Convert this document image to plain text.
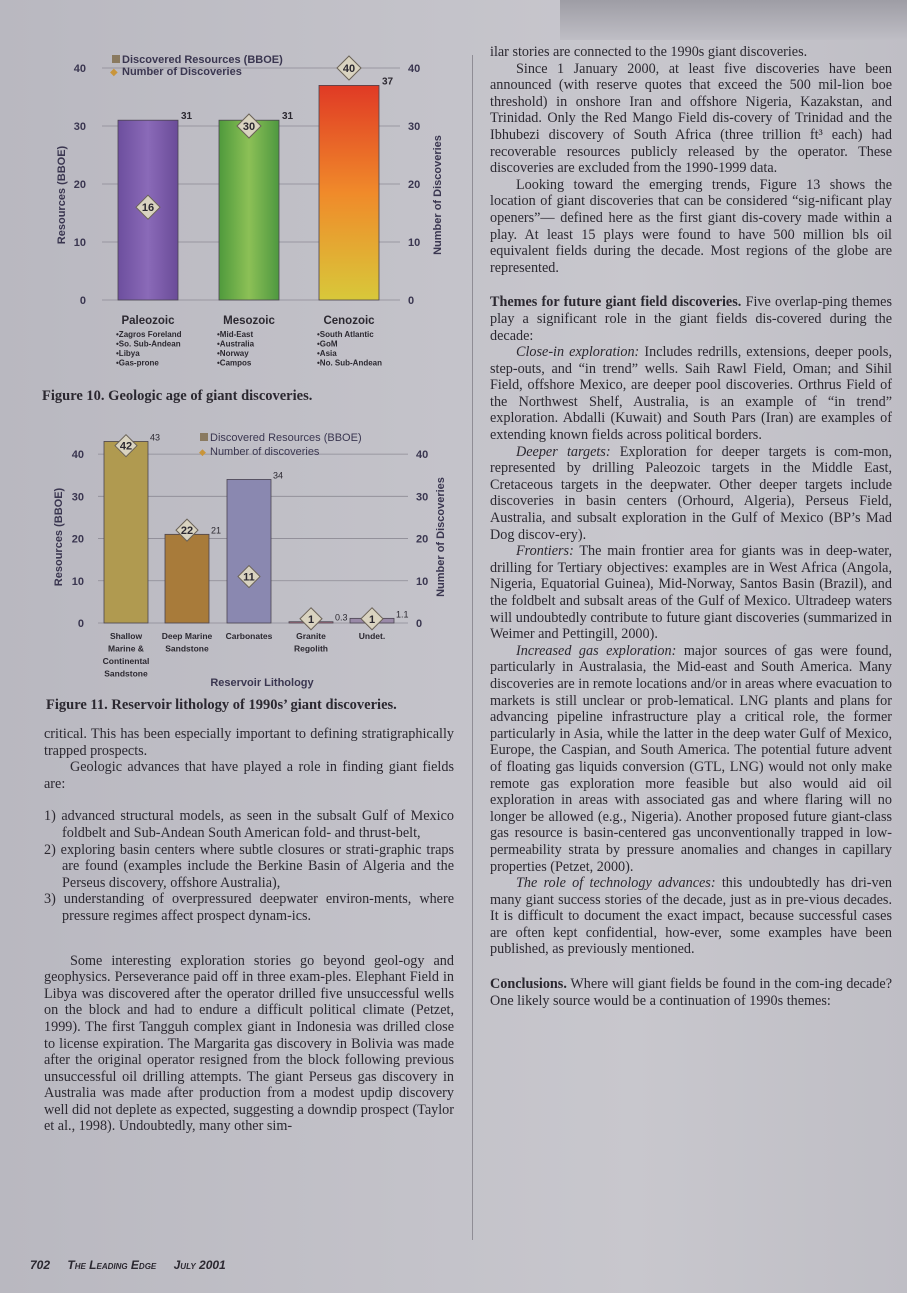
0	0
10	10
20	20
30	30
40	40
31
16
Paleozoic
•Zagros Foreland
•So. Sub-Andean
•Libya
•Gas-prone
31
30
Mesozoic
•Mid-East
•Australia
•Norway
•Campos
37
40
Cenozoic
•South Atlantic
•GoM
•Asia
•No. Sub-Andean
Resources (BBOE)	Number of Discoveries
Discovered Resources (BBOE)
◆ Number of Discoveries
Figure 10. Geologic age of giant discoveries.
0	0
10	10
20	20
30	30
40	40
43
42
Shallow
Marine &
Continental
Sandstone
21
22
Deep Marine
Sandstone
34
11
Carbonates
0.3
1
Granite
Regolith
1.1
1
Undet.
Resources (BBOE)	Number of Discoveries
Discovered Resources (BBOE)
◆ Number of discoveries
Reservoir Lithology
Figure 11. Reservoir lithology of 1990s’ giant discoveries.

critical. This has been especially important to defining stratigraphically trapped prospects.

Geologic advances that have played a role in finding giant fields are:

1) advanced structural models, as seen in the subsalt Gulf of Mexico foldbelt and Sub-Andean South American fold- and thrust-belt,
2) exploring basin centers where subtle closures or strati-graphic traps are found (examples include the Berkine Basin of Algeria and the Perseus discovery, offshore Australia),
3) understanding of overpressured deepwater environ-ments, where pressure regimes affect prospect dynam-ics.

Some interesting exploration stories go beyond geol-ogy and geophysics. Perseverance paid off in three exam-ples. Elephant Field in Libya was discovered after the operator drilled five unsuccessful wells on the block and had to endure a difficult political climate (Petzet, 1999). The first Tangguh complex giant in Indonesia was drilled close to license expiration. The Margarita gas discovery in Bolivia was made after the original operator resigned from the block following previous unsuccessful oil drilling attempts. The giant Perseus gas discovery in Australia was made after production from a modest updip discovery well did not deplete as expected, suggesting a downdip prospect (Taylor et al., 1998). Undoubtedly, many other sim-

ilar stories are connected to the 1990s giant discoveries.

Since 1 January 2000, at least five discoveries have been announced (with reserve quotes that exceed the 500 mil-lion boe threshold) in onshore Iran and offshore Nigeria, Kazakstan, and Trinidad. Only the Red Mango Field dis-covery of Trinidad and the Ibhubezi discovery of South Africa (three trillion ft³ each) had recoverable resources publicly released by the operator. These discoveries are excluded from the 1990-1999 data.

Looking toward the emerging trends, Figure 13 shows the location of giant discoveries that can be considered “sig-nificant play openers”— defined here as the first giant dis-covery made within a play. At least 15 plays were found to have 500 million bls oil equivalent fields during the decade. Most regions of the globe are represented.

Themes for future giant field discoveries. Five overlap-ping themes play a significant role in the giant fields dis-covered during the decade:

Close-in exploration: Includes redrills, extensions, deeper pools, step-outs, and “in trend” wells. Saih Rawl Field, Oman; and Sihil Field, offshore Mexico, are deeper pool discoveries. Orthrus Field of the Northwest Shelf, Australia, is an example of “in trend” exploration. Abdalli (Kuwait) and South Pars (Iran) are examples of extending known fields across political borders.

Deeper targets: Exploration for deeper targets is com-mon, represented by drilling Paleozoic targets in the Middle East, Cretaceous targets in the deepwater. Other deeper targets include discoveries in basin centers (Orhourd, Algeria), Perseus Field, Australia, and subsalt exploration in the Gulf of Mexico (BP’s Mad Dog discov-ery).

Frontiers: The main frontier area for giants was in deep-water, drilling for Tertiary objectives: examples are in West Africa (Angola, Nigeria, Equatorial Guinea), Mid-Norway, Santos Basin (Brazil), and the foldbelt and subsalt areas of the Gulf of Mexico. Ultradeep waters will undoubtedly contribute to future giant discoveries (summarized in Weimer and Pettingill, 2000).

Increased gas exploration: major sources of gas were found, particularly in Australasia, the Mid-east and South America. Many discoveries are in remote locations and/or in areas where evacuation to markets is still unclear or prob-lematical. LNG plants and plans for advancing pipeline infrastructure play a critical role, the former particularly in Asia, while the latter in the deep water Gulf of Mexico, Europe, the Caspian, and South America. The potential future advent of floating gas liquids conversion (GTL, LNG) would not only make remote gas exploration more feasible but also would aid oil exploration in areas with associated gas and where flaring will no longer be allowed (e.g., Nigeria). Another proposed future giant-class gas resource is basin-centered gas unconventionally trapped in low-permeability strata by pressure anomalies and changes in capillary properties (Petzet, 2000).

The role of technology advances: this undoubtedly has dri-ven many giant success stories of the decade, just as in pre-vious decades. It is difficult to document the exact impact, because successful cases are often kept confidential, how-ever, some examples have been published, as previously mentioned.

Conclusions. Where will giant fields be found in the com-ing decade? One likely source would be a continuation of 1990s themes:

702 The Leading Edge July 2001
